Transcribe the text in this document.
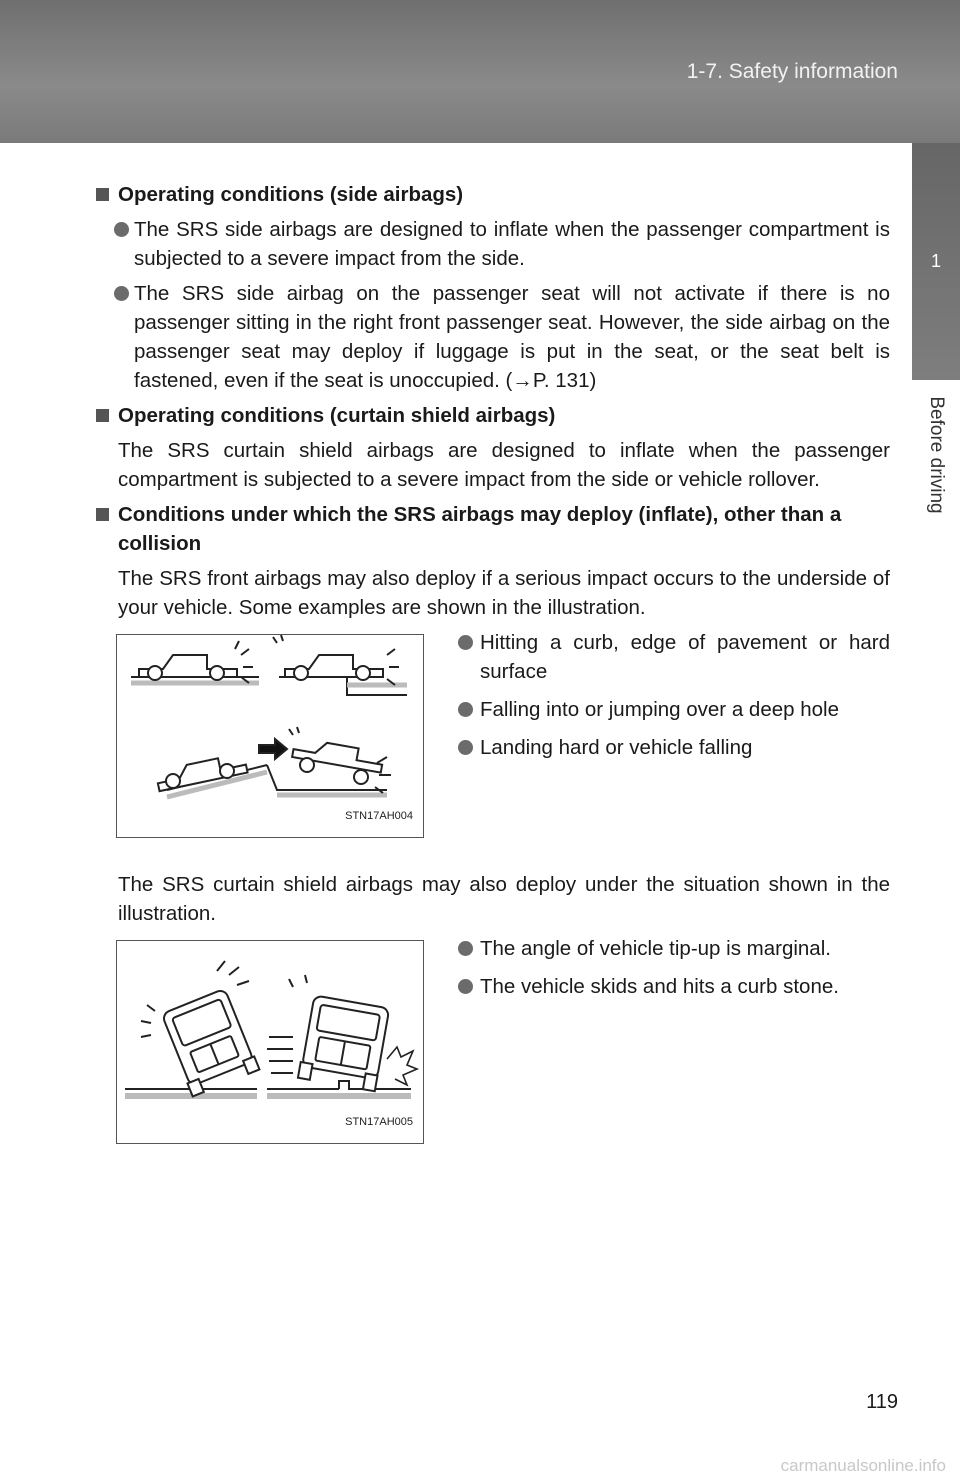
1-7. Safety information
1
Before driving
Operating conditions (side airbags)

The SRS side airbags are designed to inflate when the passenger compartment is subjected to a severe impact from the side.

The SRS side airbag on the passenger seat will not activate if there is no passenger sitting in the right front passenger seat. However, the side airbag on the passenger seat may deploy if luggage is put in the seat, or the seat belt is fastened, even if the seat is unoccupied. (→P. 131)

Operating conditions (curtain shield airbags)

The SRS curtain shield airbags are designed to inflate when the passenger compartment is subjected to a severe impact from the side or vehicle rollover.

Conditions under which the SRS airbags may deploy (inflate), other than a collision

The SRS front airbags may also deploy if a serious impact occurs to the underside of your vehicle. Some examples are shown in the illustration.

STN17AH004

Hitting a curb, edge of pavement or hard surface

Falling into or jumping over a deep hole

Landing hard or vehicle falling

The SRS curtain shield airbags may also deploy under the situation shown in the illustration.

STN17AH005

The angle of vehicle tip-up is marginal.

The vehicle skids and hits a curb stone.

119
carmanualsonline.info
